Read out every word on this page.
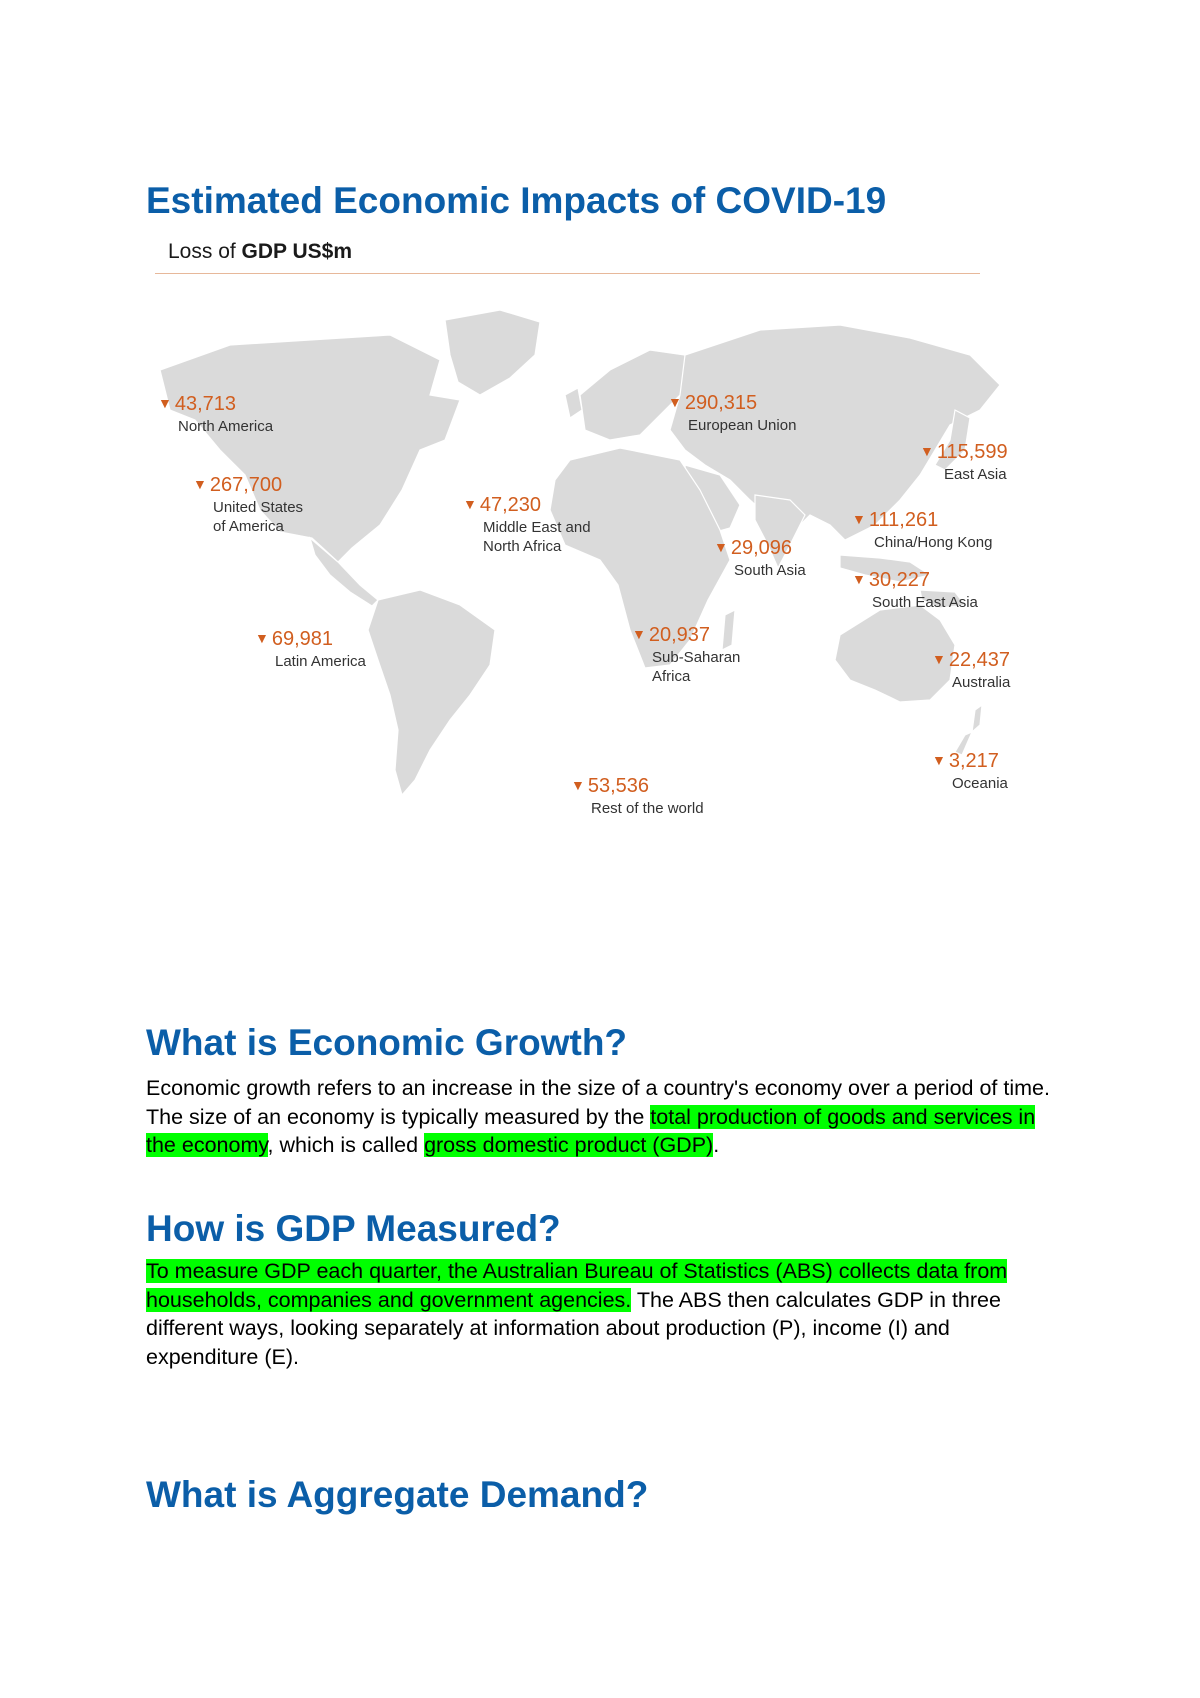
Estimated Economic Impacts of COVID-19
Loss of GDP US$m
▼ 43,713
North America
▼ 267,700
United States
of America
▼ 69,981
Latin America
▼ 47,230
Middle East and
North Africa
▼ 290,315
European Union
▼ 115,599
East Asia
▼ 111,261
China/Hong Kong
▼ 29,096
South Asia	▼ 30,227
South East Asia
▼ 20,937
Sub-Saharan
Africa
▼ 22,437
Australia
▼ 3,217
Oceania
▼ 53,536
Rest of the world
What is Economic Growth?

Economic growth refers to an increase in the size of a country's economy over a period of time. The size of an economy is typically measured by the total production of goods and services in the economy, which is called gross domestic product (GDP).

How is GDP Measured?

To measure GDP each quarter, the Australian Bureau of Statistics (ABS) collects data from households, companies and government agencies. The ABS then calculates GDP in three different ways, looking separately at information about production (P), income (I) and expenditure (E).

What is Aggregate Demand?
